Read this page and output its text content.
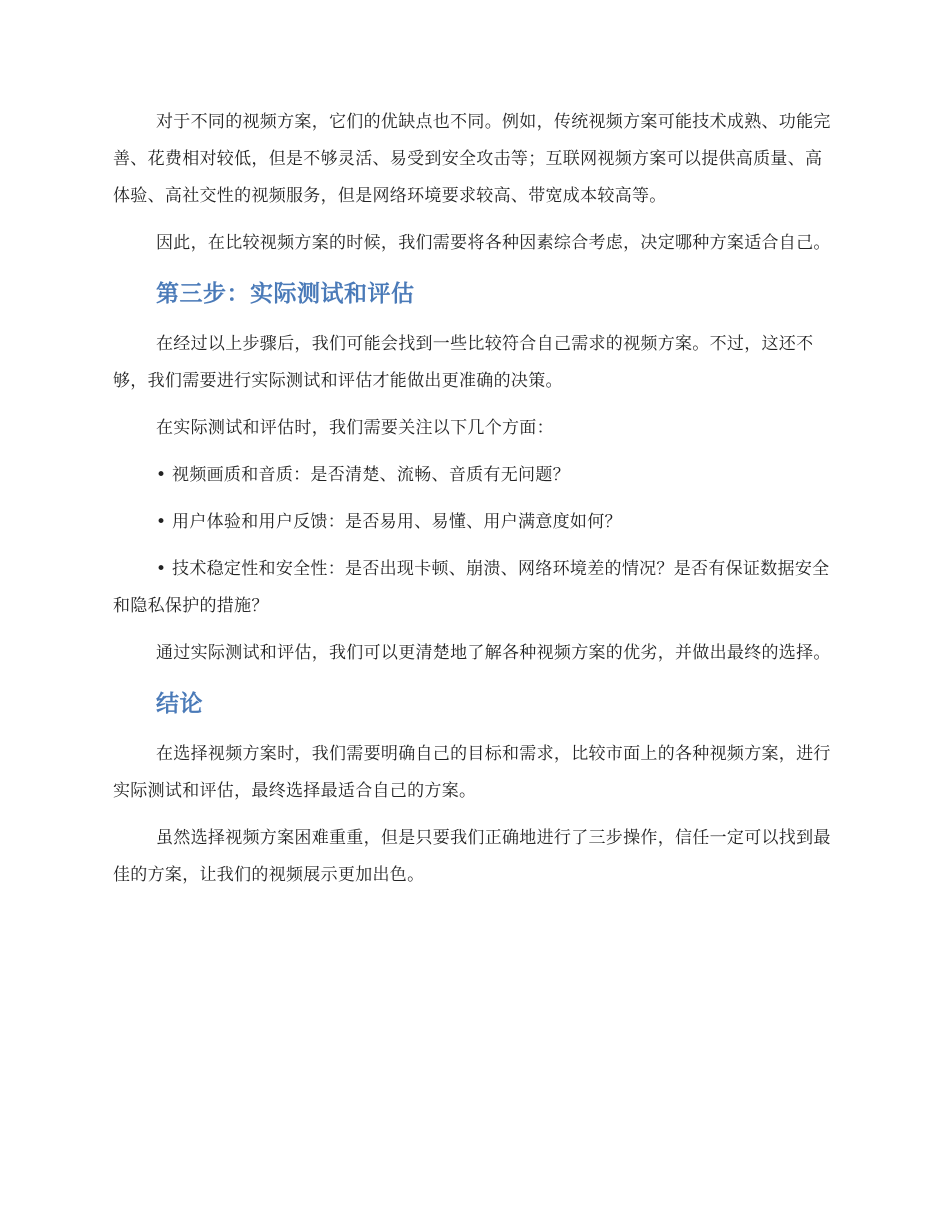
对于不同的视频方案，它们的优缺点也不同。例如，传统视频方案可能技术成熟、功能完善、花费相对较低，但是不够灵活、易受到安全攻击等；互联网视频方案可以提供高质量、高体验、高社交性的视频服务，但是网络环境要求较高、带宽成本较高等。

因此，在比较视频方案的时候，我们需要将各种因素综合考虑，决定哪种方案适合自己。

第三步：实际测试和评估

在经过以上步骤后，我们可能会找到一些比较符合自己需求的视频方案。不过，这还不够，我们需要进行实际测试和评估才能做出更准确的决策。

在实际测试和评估时，我们需要关注以下几个方面：

• 视频画质和音质：是否清楚、流畅、音质有无问题？

• 用户体验和用户反馈：是否易用、易懂、用户满意度如何？

• 技术稳定性和安全性：是否出现卡顿、崩溃、网络环境差的情况？是否有保证数据安全和隐私保护的措施？

通过实际测试和评估，我们可以更清楚地了解各种视频方案的优劣，并做出最终的选择。

结论

在选择视频方案时，我们需要明确自己的目标和需求，比较市面上的各种视频方案，进行实际测试和评估，最终选择最适合自己的方案。

虽然选择视频方案困难重重，但是只要我们正确地进行了三步操作，信任一定可以找到最佳的方案，让我们的视频展示更加出色。
